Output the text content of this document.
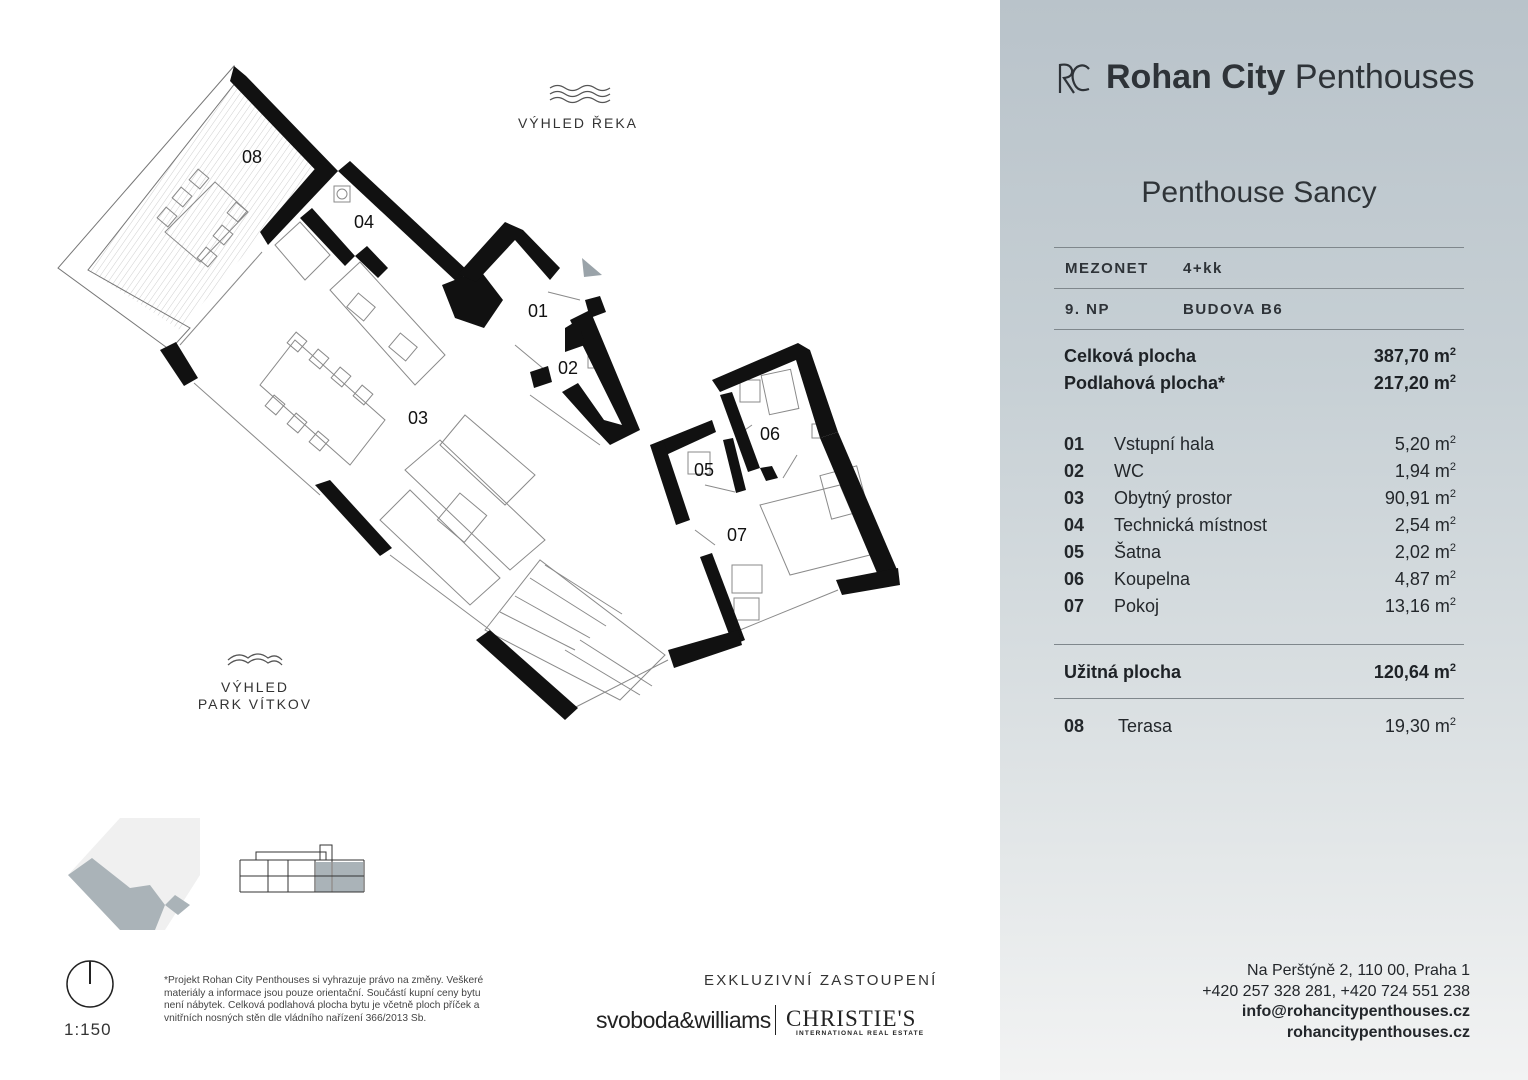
08
04
01
02
03
06
05
07
VÝHLED ŘEKA
VÝHLED
PARK VÍTKOV
1:150
*Projekt Rohan City Penthouses si vyhrazuje právo na změny. Veškeré materiály a informace jsou pouze orientační. Součástí kupní ceny bytu není nábytek. Celková podlahová plocha bytu je včetně ploch příček a vnitřních nosných stěn dle vládního nařízení 366/2013 Sb.
EXKLUZIVNÍ ZASTOUPENÍ
svoboda&williams CHRISTIE'S
INTERNATIONAL REAL ESTATE
Rohan City Penthouses
Penthouse Sancy
MEZONET	4+kk
9. NP	BUDOVA B6
Celková plocha	387,70 $m^2$
Podlahová plocha*	217,20 $m^2$
01	Vstupní hala	5,20 $m^2$
02	WC	1,94 $m^2$
03	Obytný prostor	90,91 $m^2$
04	Technická místnost	2,54 $m^2$
05	Šatna	2,02 $m^2$
06	Koupelna	4,87 $m^2$
07	Pokoj	13,16 $m^2$
Užitná plocha	120,64 $m^2$
08	Terasa	19,30 $m^2$
Na Perštýně 2, 110 00, Praha 1
+420 257 328 281, +420 724 551 238
info@rohancitypenthouses.cz
rohancitypenthouses.cz
